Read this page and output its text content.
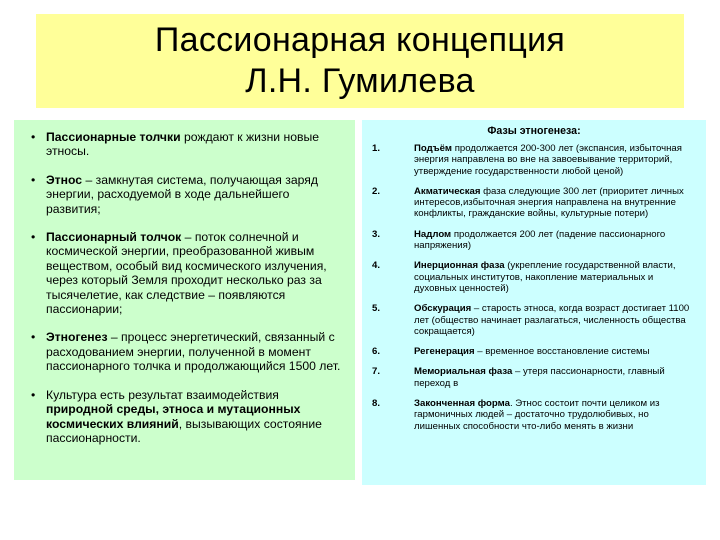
Пассионарная концепция
Л.Н. Гумилева
• Пассионарные толчки рождают к жизни новые этносы.
• Этнос – замкнутая система, получающая заряд энергии, расходуемой в ходе дальнейшего развития;
• Пассионарный толчок – поток солнечной и космической энергии, преобразованной живым веществом, особый вид космического излучения, через который Земля проходит несколько раз за тысячелетие, как следствие – появляются пассионарии;
• Этногенез – процесс энергетический, связанный с расходованием энергии, полученной в момент пассионарного толчка и продолжающийся 1500 лет.
• Культура есть результат взаимодействия природной среды, этноса и мутационных космических влияний, вызывающих состояние пассионарности.
Фазы этногенеза:
1.	Подъём продолжается 200-300 лет (экспансия, избыточная энергия направлена во вне на завоевывание территорий, утверждение государственности любой ценой)
2.	Акматическая фаза следующие 300 лет (приоритет личных интересов,избыточная энергия направлена на внутренние конфликты, гражданские войны, культурные потери)
3.	Надлом продолжается 200 лет (падение пассионарного напряжения)
4.	Инерционная фаза (укрепление государственной власти, социальных институтов, накопление материальных и духовных ценностей)
5.	Обскурация – старость этноса, когда возраст достигает 1100 лет (общество начинает разлагаться, численность общества сокращается)
6.	Регенерация – временное восстановление системы
7.	Мемориальная фаза – утеря пассионарности, главный переход в
8.	Законченная форма. Этнос состоит почти целиком из гармоничных людей – достаточно трудолюбивых, но лишенных способности что-либо менять в жизни
